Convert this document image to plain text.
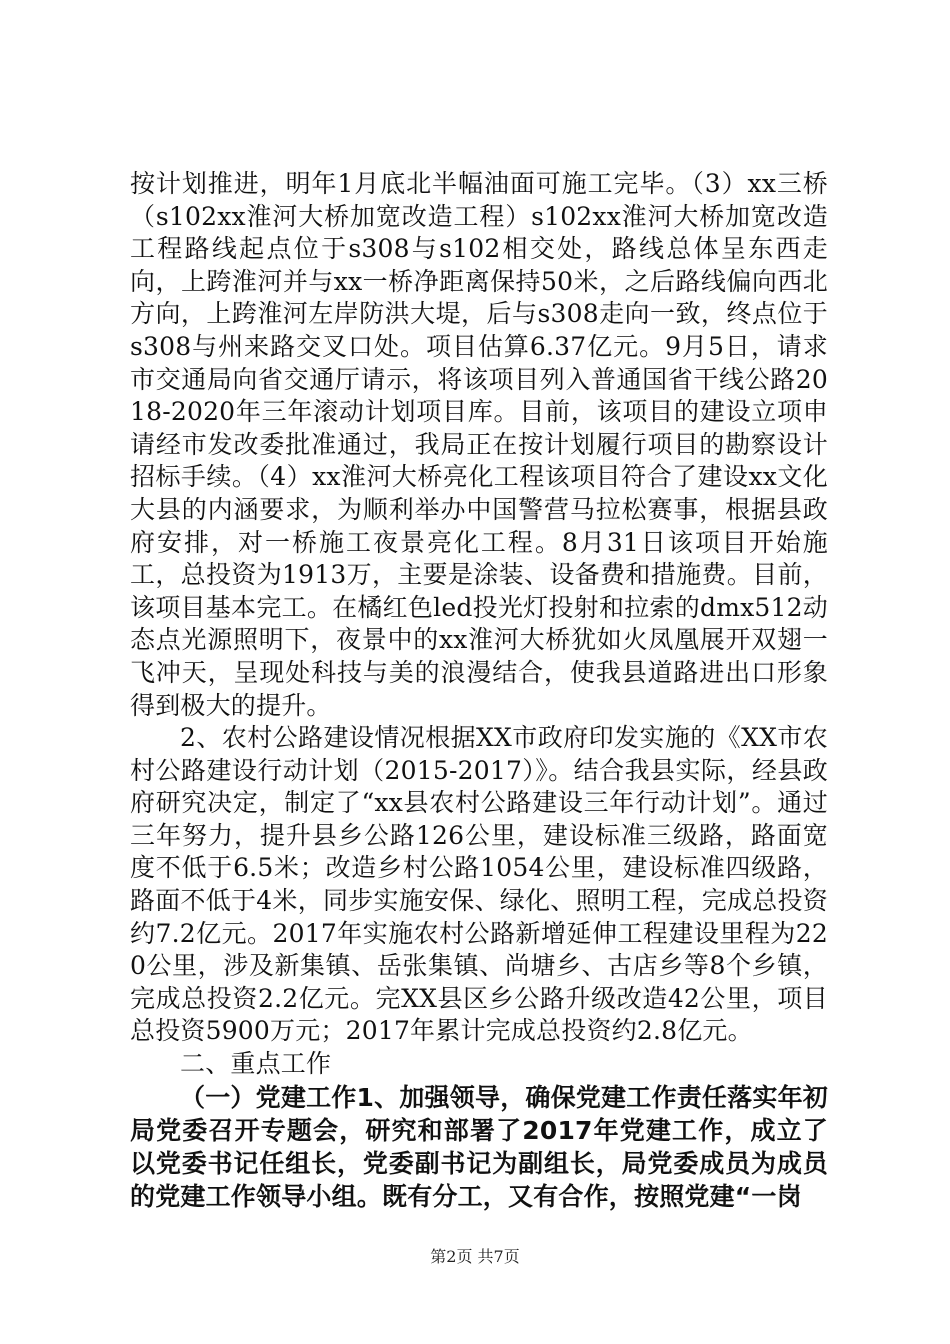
按计划推进，明年1月底北半幅油面可施工完毕。（3）xx三桥（s102xx淮河大桥加宽改造工程）s102xx淮河大桥加宽改造工程路线起点位于s308与s102相交处，路线总体呈东西走向，上跨淮河并与xx一桥净距离保持50米，之后路线偏向西北方向，上跨淮河左岸防洪大堤，后与s308走向一致，终点位于s308与州来路交叉口处。项目估算6.37亿元。9月5日，请求市交通局向省交通厅请示，将该项目列入普通国省干线公路2018-2020年三年滚动计划项目库。目前，该项目的建设立项申请经市发改委批准通过，我局正在按计划履行项目的勘察设计招标手续。（4）xx淮河大桥亮化工程该项目符合了建设xx文化大县的内涵要求，为顺利举办中国警营马拉松赛事，根据县政府安排，对一桥施工夜景亮化工程。8月31日该项目开始施工，总投资为1913万，主要是涂装、设备费和措施费。目前，该项目基本完工。在橘红色led投光灯投射和拉索的dmx512动态点光源照明下，夜景中的xx淮河大桥犹如火凤凰展开双翅一飞冲天，呈现处科技与美的浪漫结合，使我县道路进出口形象得到极大的提升。

2、农村公路建设情况根据XX市政府印发实施的《XX市农村公路建设行动计划（2015-2017）》。结合我县实际，经县政府研究决定，制定了“xx县农村公路建设三年行动计划”。通过三年努力，提升县乡公路126公里，建设标准三级路，路面宽度不低于6.5米；改造乡村公路1054公里，建设标准四级路，路面不低于4米，同步实施安保、绿化、照明工程，完成总投资约7.2亿元。2017年实施农村公路新增延伸工程建设里程为220公里，涉及新集镇、岳张集镇、尚塘乡、古店乡等8个乡镇，完成总投资2.2亿元。完XX县区乡公路升级改造42公里，项目总投资5900万元；2017年累计完成总投资约2.8亿元。

二、重点工作

（一）党建工作1、加强领导，确保党建工作责任落实年初局党委召开专题会，研究和部署了2017年党建工作，成立了以党委书记任组长，党委副书记为副组长，局党委成员为成员的党建工作领导小组。既有分工，又有合作，按照党建“一岗

第2页 共7页
